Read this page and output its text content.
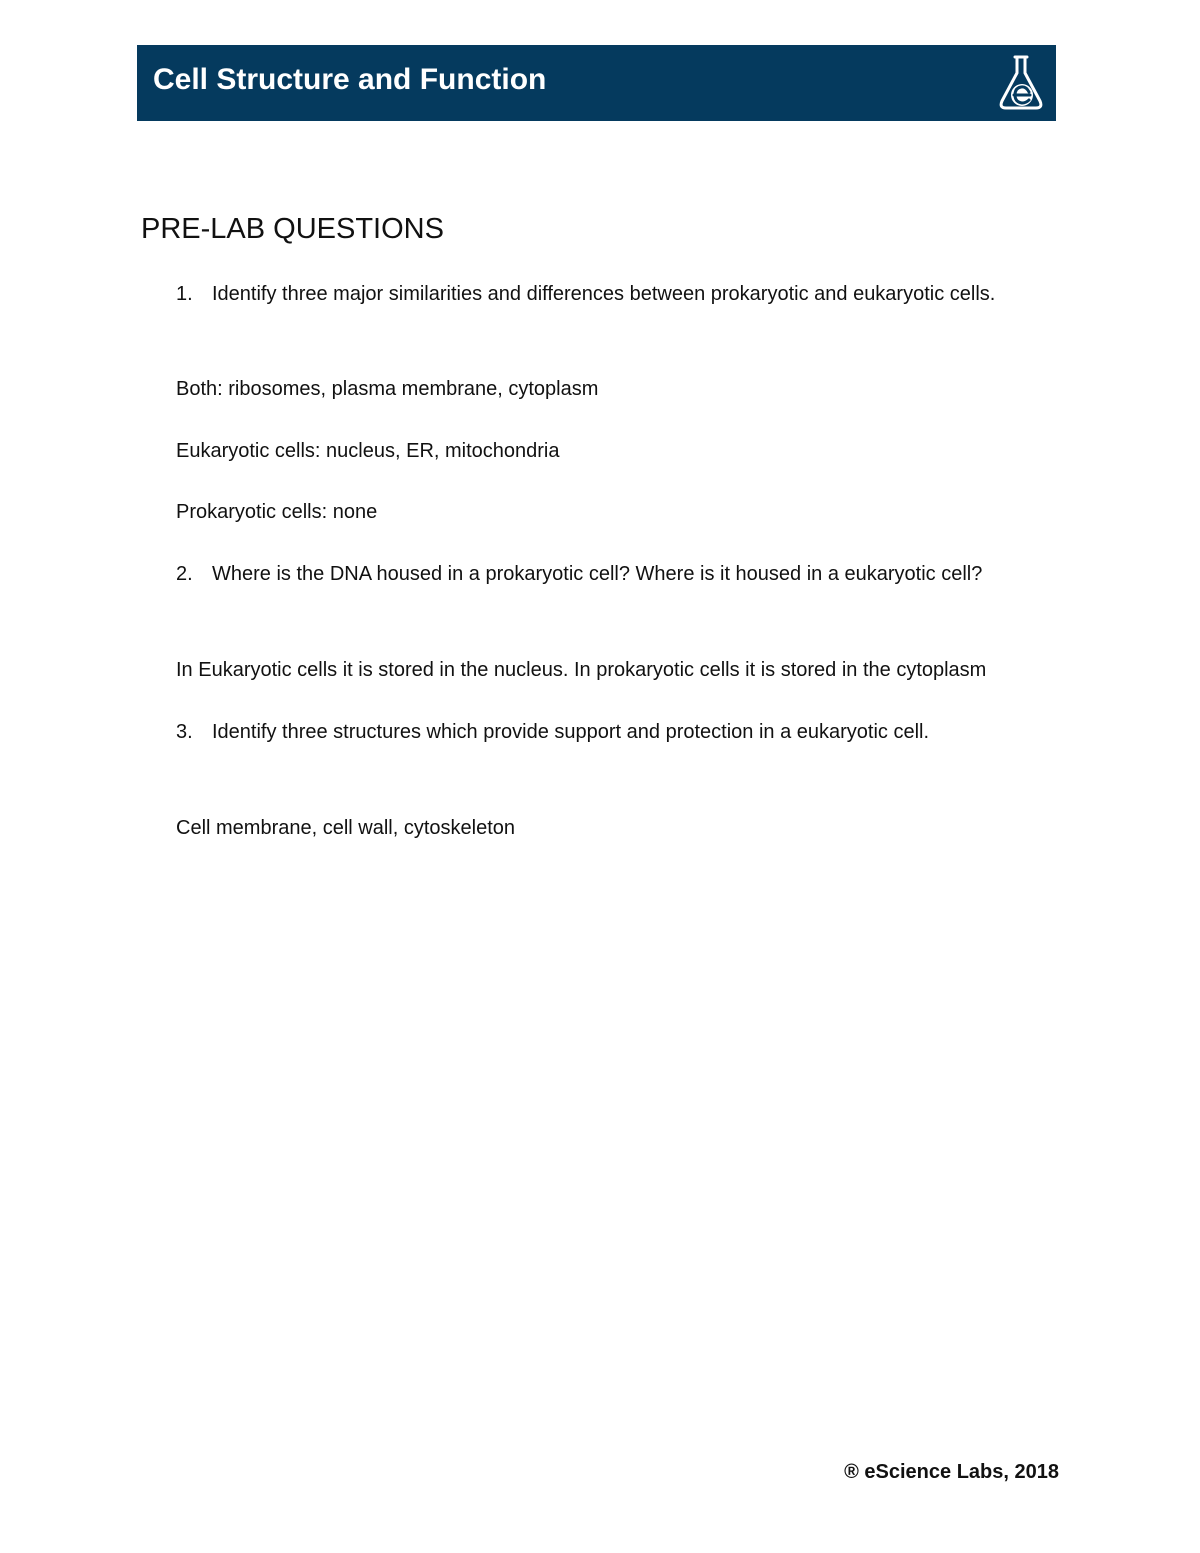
Cell Structure and Function
PRE-LAB QUESTIONS
1. Identify three major similarities and differences between prokaryotic and eukaryotic cells.
Both: ribosomes, plasma membrane, cytoplasm
Eukaryotic cells: nucleus, ER, mitochondria
Prokaryotic cells: none
2. Where is the DNA housed in a prokaryotic cell? Where is it housed in a eukaryotic cell?
In Eukaryotic cells it is stored in the nucleus. In prokaryotic cells it is stored in the cytoplasm
3. Identify three structures which provide support and protection in a eukaryotic cell.
Cell membrane, cell wall, cytoskeleton
® eScience Labs, 2018
